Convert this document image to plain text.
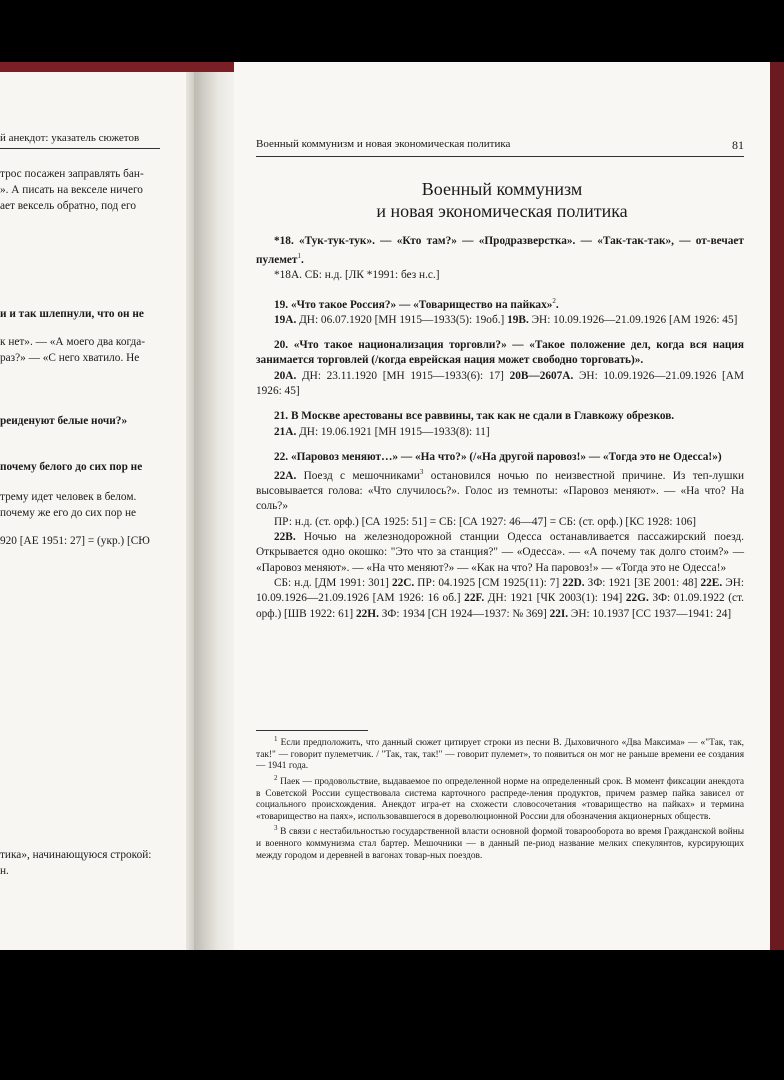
й анекдот: указатель сюжетов
трос посажен заправлять бан-
». А писать на векселе ничего
ает вексель обратно, под его
и и так шлепнули, что он не
к нет». — «А моего два когда-
раз?» — «С него хватило. Не
реиденуют белые ночи?»
почему белого до сих пор не
трему идет человек в белом.
почему же его до сих пор не
920 [АЕ 1951: 27] = (укр.) [СЮ
тика», начинающуюся строкой:
н.
Военный коммунизм и новая экономическая политика	81
Военный коммунизм
и новая экономическая политика

*18. «Тук-тук-тук». — «Кто там?» — «Продразверстка». — «Так-так-так», — от-вечает пулемет$^1$.

*18А. СБ: н.д. [ЛК *1991: без н.с.]

19. «Что такое Россия?» — «Товарищество на пайках»$^2$.

19А. ДН: 06.07.1920 [МН 1915—1933(5): 19об.] 19В. ЭН: 10.09.1926—21.09.1926 [АМ 1926: 45]

20. «Что такое национализация торговли?» — «Такое положение дел, когда вся нация занимается торговлей (/когда еврейская нация может свободно торговать)».

20А. ДН: 23.11.1920 [МН 1915—1933(6): 17] 20В—2607А. ЭН: 10.09.1926—21.09.1926 [АМ 1926: 45]

21. В Москве арестованы все раввины, так как не сдали в Главкожу обрезков.

21А. ДН: 19.06.1921 [МН 1915—1933(8): 11]

22. «Паровоз меняют…» — «На что?» (/«На другой паровоз!» — «Тогда это не Одесса!»)

22А. Поезд с мешочниками$^3$ остановился ночью по неизвестной причине. Из теп-лушки высовывается голова: «Что случилось?». Голос из темноты: «Паровоз меняют». — «На что? На соль?»

ПР: н.д. (ст. орф.) [СА 1925: 51] = СБ: [СА 1927: 46—47] = СБ: (ст. орф.) [КС 1928: 106]

22В. Ночью на железнодорожной станции Одесса останавливается пассажирский поезд. Открывается одно окошко: "Это что за станция?" — «Одесса». — «А почему так долго стоим?» — «Паровоз меняют». — «На что меняют?» — «Как на что? На паровоз!» — «Тогда это не Одесса!»

СБ: н.д. [ДМ 1991: 301] 22С. ПР: 04.1925 [СМ 1925(11): 7] 22D. ЗФ: 1921 [ЗЕ 2001: 48] 22Е. ЭН: 10.09.1926—21.09.1926 [АМ 1926: 16 об.] 22F. ДН: 1921 [ЧК 2003(1): 194] 22G. ЗФ: 01.09.1922 (ст. орф.) [ШВ 1922: 61] 22Н. ЗФ: 1934 [СН 1924—1937: № 369] 22I. ЭН: 10.1937 [СС 1937—1941: 24]

$^1$ Если предположить, что данный сюжет цитирует строки из песни В. Дыховичного «Два Максима» — «"Так, так, так!" — говорит пулеметчик. / "Так, так, так!" — говорит пулемет», то появиться он мог не раньше времени ее создания — 1941 года.

$^2$ Паек — продовольствие, выдаваемое по определенной норме на определенный срок. В момент фиксации анекдота в Советской России существовала система карточного распреде-ления продуктов, причем размер пайка зависел от социального происхождения. Анекдот игра-ет на схожести словосочетания «товарищество на пайках» и термина «товарищество на паях», использовавшегося в дореволюционной России для обозначения акционерных обществ.

$^3$ В связи с нестабильностью государственной власти основной формой товарооборота во время Гражданской войны и военного коммунизма стал бартер. Мешочники — в данный пе-риод название мелких спекулянтов, курсирующих между городом и деревней в вагонах товар-ных поездов.
